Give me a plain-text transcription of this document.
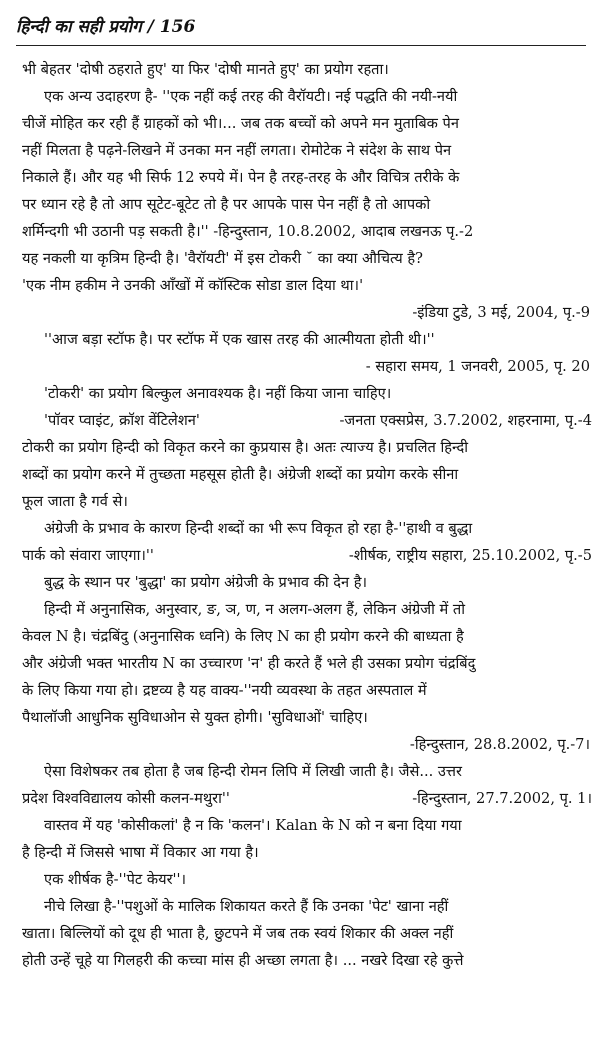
हिन्दी का सही प्रयोग / 156
भी बेहतर 'दोषी ठहराते हुए' या फिर 'दोषी मानते हुए' का प्रयोग रहता।
एक अन्य उदाहरण है- ''एक नहीं कई तरह की वैरॉयटी। नई पद्धति की नयी-नयी
चीजें मोहित कर रही हैं ग्राहकों को भी।... जब तक बच्चों को अपने मन मुताबिक पेन
नहीं मिलता है पढ़ने-लिखने में उनका मन नहीं लगता। रोमोटेक ने संदेश के साथ पेन
निकाले हैं। और यह भी सिर्फ 12 रुपये में। पेन है तरह-तरह के और विचित्र तरीके के
पर ध्यान रहे है तो आप सूटेट-बूटेट तो है पर आपके पास पेन नहीं है तो आपको
शर्मिन्दगी भी उठानी पड़ सकती है।'' -हिन्दुस्तान, 10.8.2002, आदाब लखनऊ पृ.-2
यह नकली या कृत्रिम हिन्दी है। 'वैरॉयटी' में इस टोकरी ˘ का क्या औचित्य है?
'एक नीम हकीम ने उनकी आँखों में कॉस्टिक सोडा डाल दिया था।'
-इंडिया टुडे, 3 मई, 2004, पृ.-9
''आज बड़ा स्टॉफ है। पर स्टॉफ में एक खास तरह की आत्मीयता होती थी।''
- सहारा समय, 1 जनवरी, 2005, पृ. 20
'टोकरी' का प्रयोग बिल्कुल अनावश्यक है। नहीं किया जाना चाहिए।
'पॉवर प्वाइंट, क्रॉश वेंटिलेशन'	-जनता एक्सप्रेस, 3.7.2002, शहरनामा, पृ.-4
टोकरी का प्रयोग हिन्दी को विकृत करने का कुप्रयास है। अतः त्याज्य है। प्रचलित हिन्दी
शब्दों का प्रयोग करने में तुच्छता महसूस होती है। अंग्रेजी शब्दों का प्रयोग करके सीना
फूल जाता है गर्व से।
अंग्रेजी के प्रभाव के कारण हिन्दी शब्दों का भी रूप विकृत हो रहा है-''हाथी व बुद्धा
पार्क को संवारा जाएगा।''	-शीर्षक, राष्ट्रीय सहारा, 25.10.2002, पृ.-5
बुद्ध के स्थान पर 'बुद्धा' का प्रयोग अंग्रेजी के प्रभाव की देन है।
हिन्दी में अनुनासिक, अनुस्वार, ङ, ञ, ण, न अलग-अलग हैं, लेकिन अंग्रेजी में तो
केवल N है। चंद्रबिंदु (अनुनासिक ध्वनि) के लिए N का ही प्रयोग करने की बाध्यता है
और अंग्रेजी भक्त भारतीय N का उच्चारण 'न' ही करते हैं भले ही उसका प्रयोग चंद्रबिंदु
के लिए किया गया हो। द्रष्टव्य है यह वाक्य-''नयी व्यवस्था के तहत अस्पताल में
पैथालॉजी आधुनिक सुविधाओन से युक्त होगी। 'सुविधाओं' चाहिए।
-हिन्दुस्तान, 28.8.2002, पृ.-7।
ऐसा विशेषकर तब होता है जब हिन्दी रोमन लिपि में लिखी जाती है। जैसे... उत्तर
प्रदेश विश्वविद्यालय कोसी कलन-मथुरा''	-हिन्दुस्तान, 27.7.2002, पृ. 1।
वास्तव में यह 'कोसीकलां' है न कि 'कलन'। Kalan के N को न बना दिया गया
है हिन्दी में जिससे भाषा में विकार आ गया है।
एक शीर्षक है-''पेट केयर''।
नीचे लिखा है-''पशुओं के मालिक शिकायत करते हैं कि उनका 'पेट' खाना नहीं
खाता। बिल्लियों को दूध ही भाता है, छुटपने में जब तक स्वयं शिकार की अक्ल नहीं
होती उन्हें चूहे या गिलहरी की कच्चा मांस ही अच्छा लगता है। ... नखरे दिखा रहे कुत्ते
